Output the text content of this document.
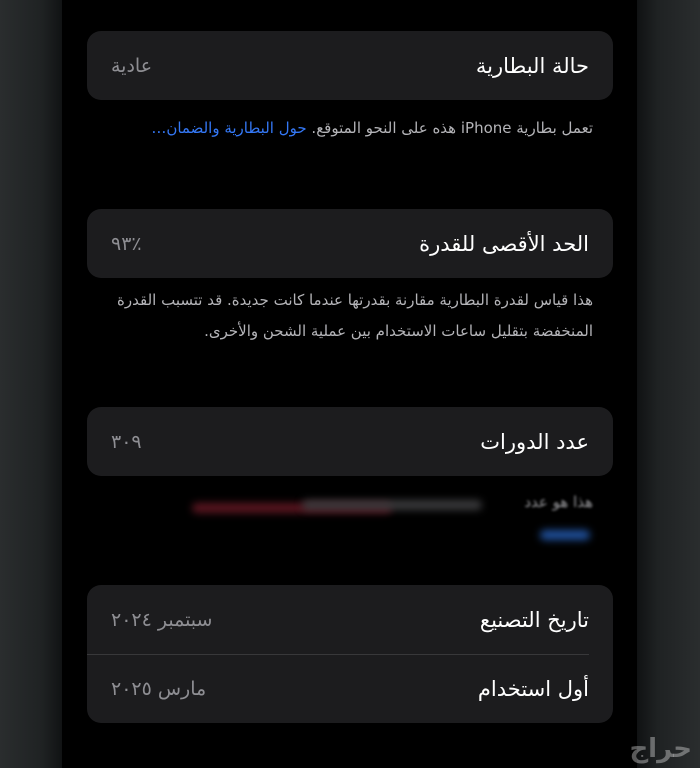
حالة البطارية
عادية
تعمل بطارية iPhone هذه على النحو المتوقع. حول البطارية والضمان…
الحد الأقصى للقدرة
٪٩٣
هذا قياس لقدرة البطارية مقارنة بقدرتها عندما كانت جديدة. قد تتسبب القدرة المنخفضة بتقليل ساعات الاستخدام بين عملية الشحن والأخرى.
عدد الدورات
٣٠٩
هذا هو عدد
تاريخ التصنيع
سبتمبر ٢٠٢٤
أول استخدام
مارس ٢٠٢٥
حراج
